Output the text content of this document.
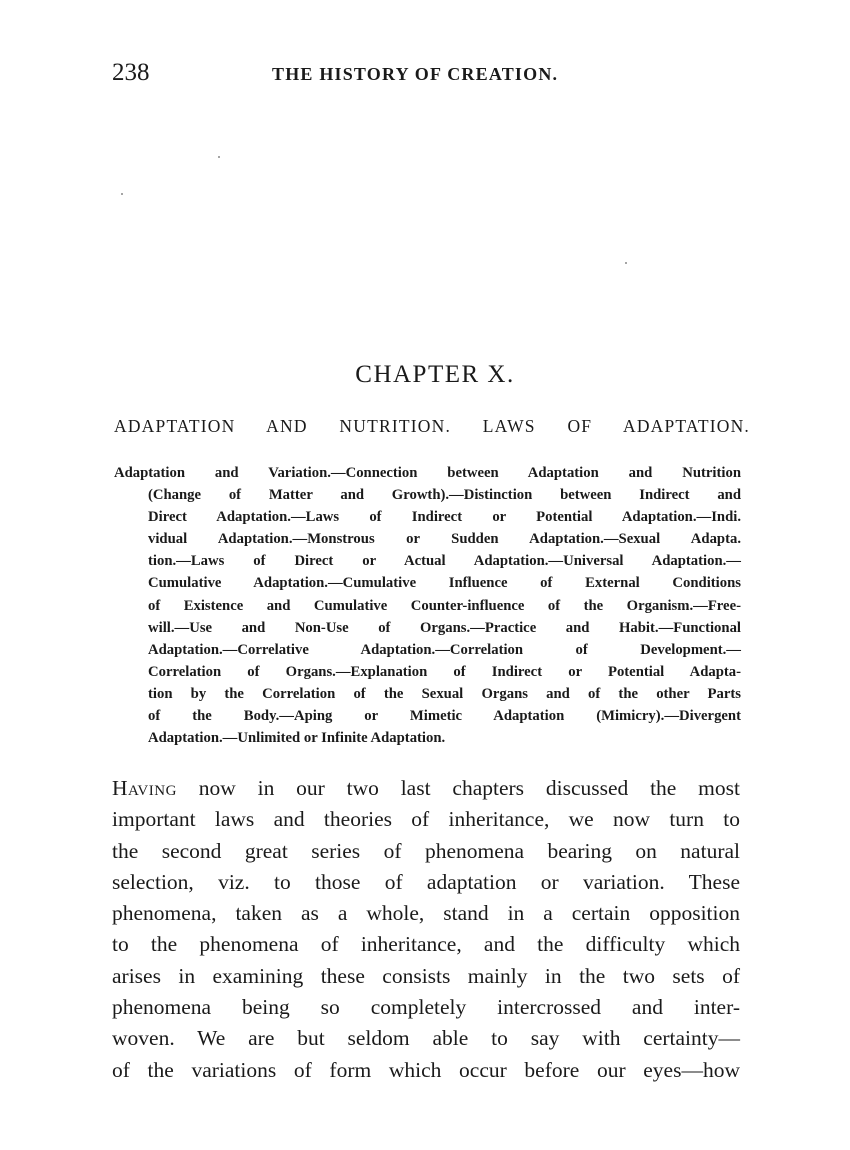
238	THE HISTORY OF CREATION.
CHAPTER X.
ADAPTATION AND NUTRITION. LAWS OF ADAPTATION.
Adaptation and Variation.—Connection between Adaptation and Nutrition
(Change of Matter and Growth).—Distinction between Indirect and
Direct Adaptation.—Laws of Indirect or Potential Adaptation.—Indi.
vidual Adaptation.—Monstrous or Sudden Adaptation.—Sexual Adapta.
tion.—Laws of Direct or Actual Adaptation.—Universal Adaptation.—
Cumulative Adaptation.—Cumulative Influence of External Conditions
of Existence and Cumulative Counter-influence of the Organism.—Free-
will.—Use and Non-Use of Organs.—Practice and Habit.—Functional
Adaptation.—Correlative Adaptation.—Correlation of Development.—
Correlation of Organs.—Explanation of Indirect or Potential Adapta-
tion by the Correlation of the Sexual Organs and of the other Parts
of the Body.—Aping or Mimetic Adaptation (Mimicry).—Divergent
Adaptation.—Unlimited or Infinite Adaptation.
Having now in our two last chapters discussed the most
important laws and theories of inheritance, we now turn to
the second great series of phenomena bearing on natural
selection, viz. to those of adaptation or variation. These
phenomena, taken as a whole, stand in a certain opposition
to the phenomena of inheritance, and the difficulty which
arises in examining these consists mainly in the two sets of
phenomena being so completely intercrossed and inter-
woven. We are but seldom able to say with certainty—
of the variations of form which occur before our eyes—how
